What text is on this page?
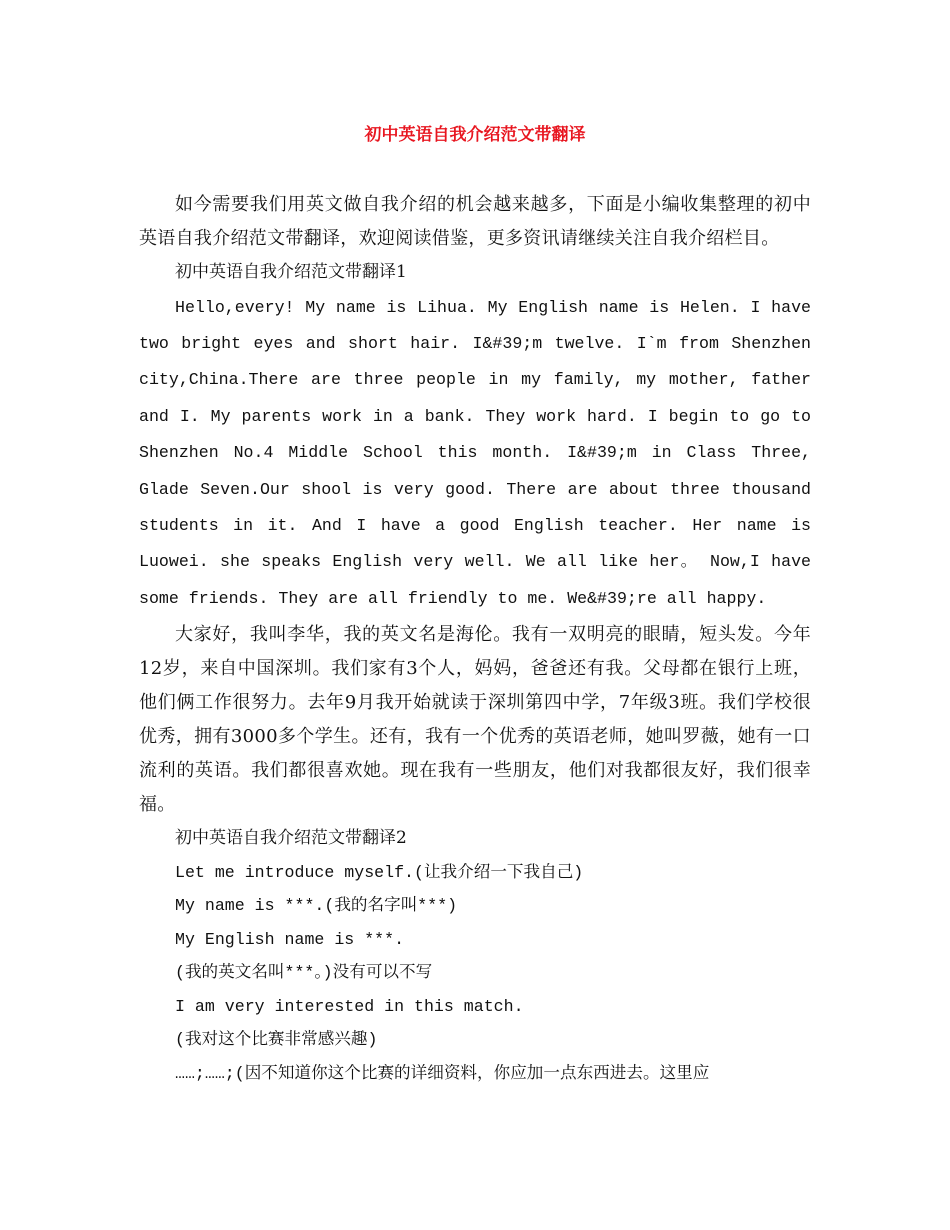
初中英语自我介绍范文带翻译

如今需要我们用英文做自我介绍的机会越来越多，下面是小编收集整理的初中英语自我介绍范文带翻译，欢迎阅读借鉴，更多资讯请继续关注自我介绍栏目。

初中英语自我介绍范文带翻译1

Hello,every! My name is Lihua. My English name is Helen. I have two bright eyes and short hair. I&#39;m twelve. I`m from Shenzhen city,China.There are three people in my family, my mother, father and I. My parents work in a bank. They work hard. I begin to go to Shenzhen No.4 Middle School this month. I&#39;m in Class Three, Glade Seven.Our shool is very good. There are about three thousand students in it. And I have a good English teacher. Her name is Luowei. she speaks English very well. We all like her。 Now,I have some friends. They are all friendly to me. We&#39;re all happy.

大家好，我叫李华，我的英文名是海伦。我有一双明亮的眼睛，短头发。今年12岁，来自中国深圳。我们家有3个人，妈妈，爸爸还有我。父母都在银行上班，他们俩工作很努力。去年9月我开始就读于深圳第四中学，7年级3班。我们学校很优秀，拥有3000多个学生。还有，我有一个优秀的英语老师，她叫罗薇，她有一口流利的英语。我们都很喜欢她。现在我有一些朋友，他们对我都很友好，我们很幸福。

初中英语自我介绍范文带翻译2
Let me introduce myself.(让我介绍一下我自己)
My name is ***.(我的名字叫***)
My English name is ***.
(我的英文名叫***。)没有可以不写
I am very interested in this match.
(我对这个比赛非常感兴趣)
……;……;(因不知道你这个比赛的详细资料，你应加一点东西进去。这里应
